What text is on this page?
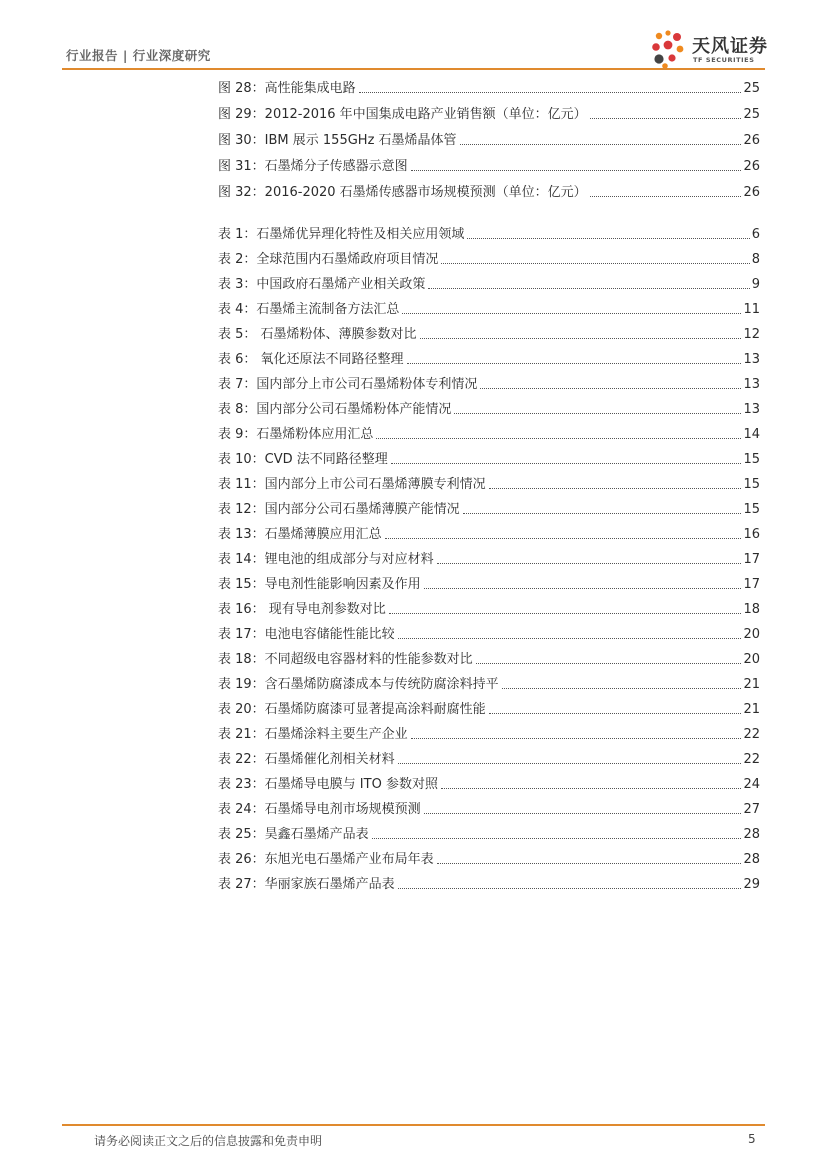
行业报告 | 行业深度研究	天风证券
TF SECURITIES
图 28：高性能集成电路	25
图 29：2012-2016 年中国集成电路产业销售额（单位：亿元）	25
图 30：IBM 展示 155GHz 石墨烯晶体管	26
图 31：石墨烯分子传感器示意图	26
图 32：2016-2020 石墨烯传感器市场规模预测（单位：亿元）	26
表 1：石墨烯优异理化特性及相关应用领域	6
表 2：全球范围内石墨烯政府项目情况	8
表 3：中国政府石墨烯产业相关政策	9
表 4：石墨烯主流制备方法汇总	11
表 5： 石墨烯粉体、薄膜参数对比	12
表 6： 氧化还原法不同路径整理	13
表 7：国内部分上市公司石墨烯粉体专利情况	13
表 8：国内部分公司石墨烯粉体产能情况	13
表 9：石墨烯粉体应用汇总	14
表 10：CVD 法不同路径整理	15
表 11：国内部分上市公司石墨烯薄膜专利情况	15
表 12：国内部分公司石墨烯薄膜产能情况	15
表 13：石墨烯薄膜应用汇总	16
表 14：锂电池的组成部分与对应材料	17
表 15：导电剂性能影响因素及作用	17
表 16： 现有导电剂参数对比	18
表 17：电池电容储能性能比较	20
表 18：不同超级电容器材料的性能参数对比	20
表 19：含石墨烯防腐漆成本与传统防腐涂料持平	21
表 20：石墨烯防腐漆可显著提高涂料耐腐性能	21
表 21：石墨烯涂料主要生产企业	22
表 22：石墨烯催化剂相关材料	22
表 23：石墨烯导电膜与 ITO 参数对照	24
表 24：石墨烯导电剂市场规模预测	27
表 25：昊鑫石墨烯产品表	28
表 26：东旭光电石墨烯产业布局年表	28
表 27：华丽家族石墨烯产品表	29
请务必阅读正文之后的信息披露和免责申明	5
